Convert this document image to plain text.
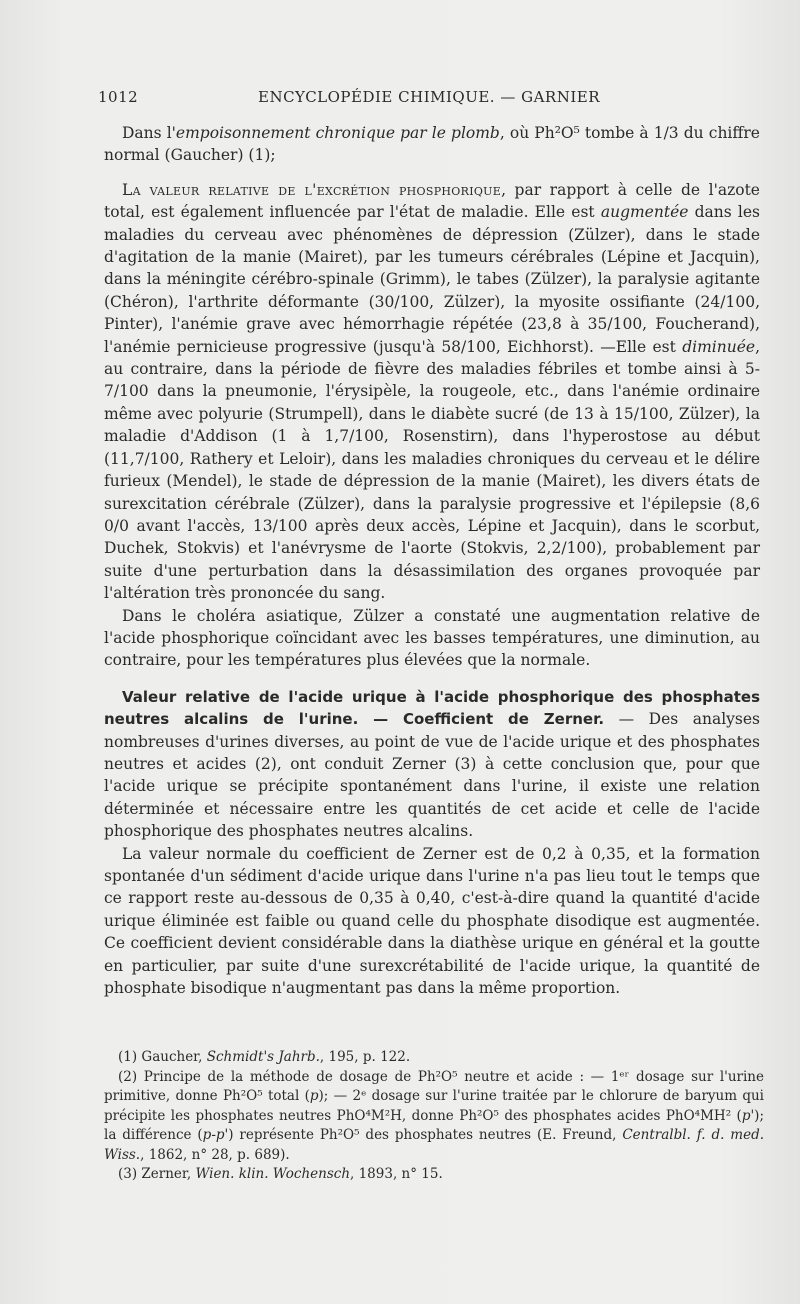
1012	ENCYCLOPÉDIE CHIMIQUE. — GARNIER

Dans l'empoisonnement chronique par le plomb, où Ph²O⁵ tombe à 1/3 du chiffre normal (Gaucher) (1);

La valeur relative de l'excrétion phosphorique, par rapport à celle de l'azote total, est également influencée par l'état de maladie. Elle est augmentée dans les maladies du cerveau avec phénomènes de dépression (Zülzer), dans le stade d'agitation de la manie (Mairet), par les tumeurs cérébrales (Lépine et Jacquin), dans la méningite cérébro-spinale (Grimm), le tabes (Zülzer), la paralysie agitante (Chéron), l'arthrite déformante (30/100, Zülzer), la myosite ossifiante (24/100, Pinter), l'anémie grave avec hémorrhagie répétée (23,8 à 35/100, Foucherand), l'anémie pernicieuse progressive (jusqu'à 58/100, Eichhorst). —Elle est diminuée, au contraire, dans la période de fièvre des maladies fébriles et tombe ainsi à 5-7/100 dans la pneumonie, l'érysipèle, la rougeole, etc., dans l'anémie ordinaire même avec polyurie (Strumpell), dans le diabète sucré (de 13 à 15/100, Zülzer), la maladie d'Addison (1 à 1,7/100, Rosenstirn), dans l'hyperostose au début (11,7/100, Rathery et Leloir), dans les maladies chroniques du cerveau et le délire furieux (Mendel), le stade de dépression de la manie (Mairet), les divers états de surexcitation cérébrale (Zülzer), dans la paralysie progressive et l'épilepsie (8,6 0/0 avant l'accès, 13/100 après deux accès, Lépine et Jacquin), dans le scorbut, Duchek, Stokvis) et l'anévrysme de l'aorte (Stokvis, 2,2/100), probablement par suite d'une perturbation dans la désassimilation des organes provoquée par l'altération très prononcée du sang.

Dans le choléra asiatique, Zülzer a constaté une augmentation relative de l'acide phosphorique coïncidant avec les basses températures, une diminution, au contraire, pour les températures plus élevées que la normale.

Valeur relative de l'acide urique à l'acide phosphorique des phosphates neutres alcalins de l'urine. — Coefficient de Zerner. — Des analyses nombreuses d'urines diverses, au point de vue de l'acide urique et des phosphates neutres et acides (2), ont conduit Zerner (3) à cette conclusion que, pour que l'acide urique se précipite spontanément dans l'urine, il existe une relation déterminée et nécessaire entre les quantités de cet acide et celle de l'acide phosphorique des phosphates neutres alcalins.

La valeur normale du coefficient de Zerner est de 0,2 à 0,35, et la formation spontanée d'un sédiment d'acide urique dans l'urine n'a pas lieu tout le temps que ce rapport reste au-dessous de 0,35 à 0,40, c'est-à-dire quand la quantité d'acide urique éliminée est faible ou quand celle du phosphate disodique est augmentée. Ce coefficient devient considérable dans la diathèse urique en général et la goutte en particulier, par suite d'une surexcrétabilité de l'acide urique, la quantité de phosphate bisodique n'augmentant pas dans la même proportion.

(1) Gaucher, Schmidt's Jahrb., 195, p. 122.

(2) Principe de la méthode de dosage de Ph²O⁵ neutre et acide : — 1ᵉʳ dosage sur l'urine primitive, donne Ph²O⁵ total (p); — 2ᵉ dosage sur l'urine traitée par le chlorure de baryum qui précipite les phosphates neutres PhO⁴M²H, donne Ph²O⁵ des phosphates acides PhO⁴MH² (p'); la différence (p-p') représente Ph²O⁵ des phosphates neutres (E. Freund, Centralbl. f. d. med. Wiss., 1862, n° 28, p. 689).

(3) Zerner, Wien. klin. Wochensch, 1893, n° 15.
